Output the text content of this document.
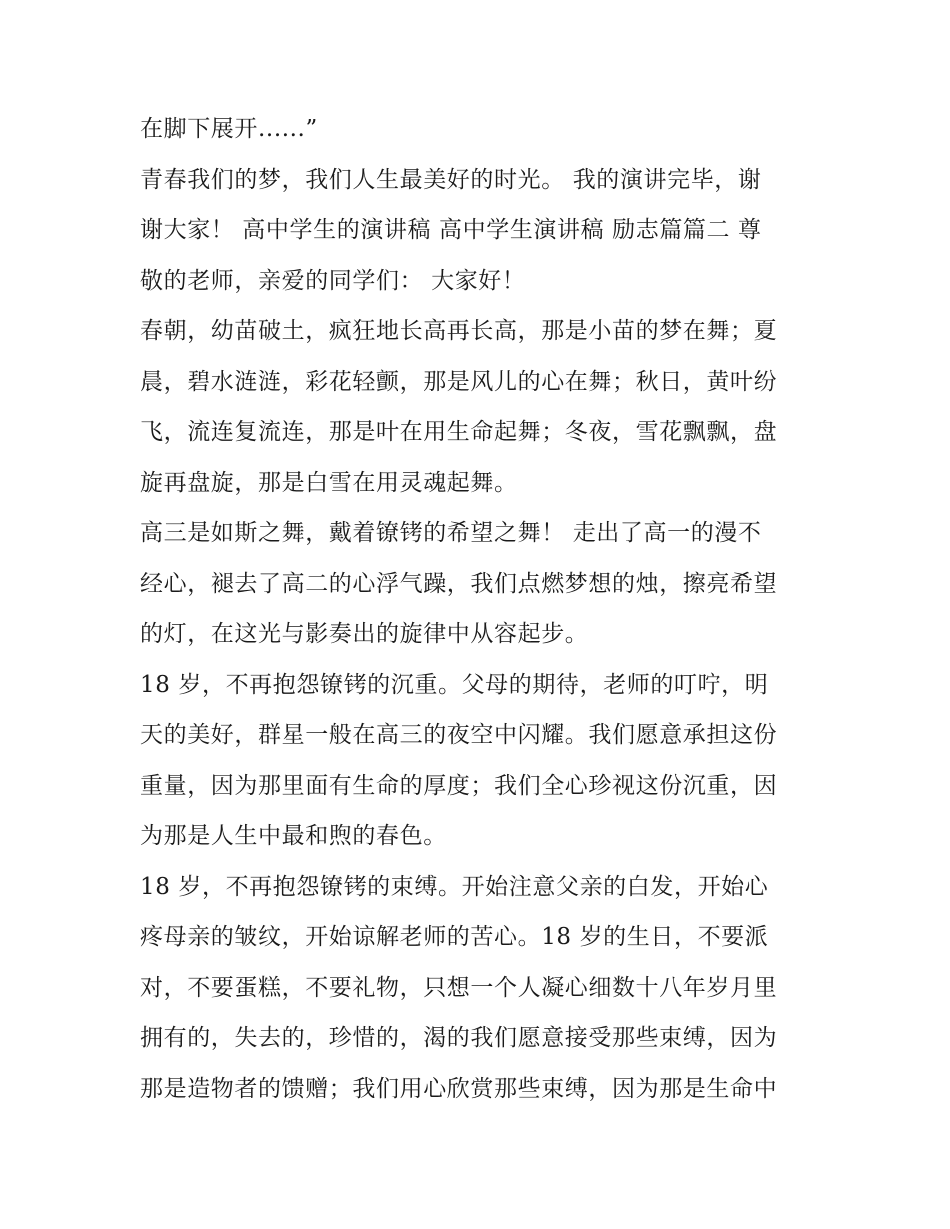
在脚下展开......”
青春我们的梦，我们人生最美好的时光。 我的演讲完毕，谢
谢大家！ 高中学生的演讲稿 高中学生演讲稿 励志篇篇二 尊
敬的老师，亲爱的同学们： 大家好！
春朝，幼苗破土，疯狂地长高再长高，那是小苗的梦在舞；夏
晨，碧水涟涟，彩花轻颤，那是风儿的心在舞；秋日，黄叶纷
飞，流连复流连，那是叶在用生命起舞；冬夜，雪花飘飘，盘
旋再盘旋，那是白雪在用灵魂起舞。
高三是如斯之舞，戴着镣铐的希望之舞！ 走出了高一的漫不
经心，褪去了高二的心浮气躁，我们点燃梦想的烛，擦亮希望
的灯，在这光与影奏出的旋律中从容起步。
18 岁，不再抱怨镣铐的沉重。父母的期待，老师的叮咛，明
天的美好，群星一般在高三的夜空中闪耀。我们愿意承担这份
重量，因为那里面有生命的厚度；我们全心珍视这份沉重，因
为那是人生中最和煦的春色。
18 岁，不再抱怨镣铐的束缚。开始注意父亲的白发，开始心
疼母亲的皱纹，开始谅解老师的苦心。18 岁的生日，不要派
对，不要蛋糕，不要礼物，只想一个人凝心细数十八年岁月里
拥有的，失去的，珍惜的，渴的我们愿意接受那些束缚，因为
那是造物者的馈赠；我们用心欣赏那些束缚，因为那是生命中
